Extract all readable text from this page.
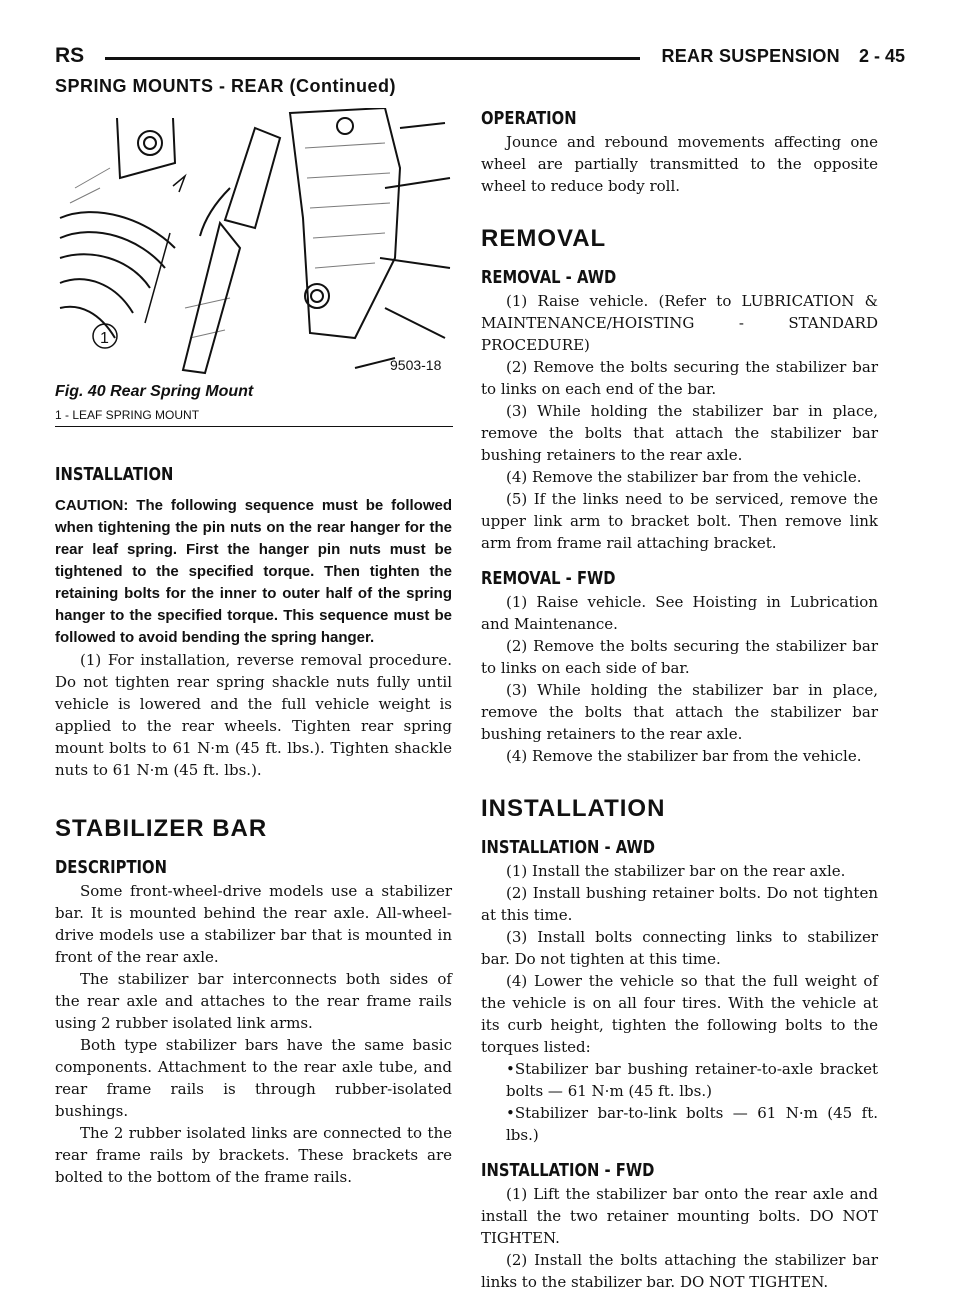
RS	REAR SUSPENSION 2 - 45
SPRING MOUNTS - REAR (Continued)
1
9503-18
Fig. 40 Rear Spring Mount
1 - LEAF SPRING MOUNT
INSTALLATION

CAUTION: The following sequence must be followed when tightening the pin nuts on the rear hanger for the rear leaf spring. First the hanger pin nuts must be tightened to the specified torque. Then tighten the retaining bolts for the inner to outer half of the spring hanger to the specified torque. This sequence must be followed to avoid bending the spring hanger.

(1) For installation, reverse removal procedure. Do not tighten rear spring shackle nuts fully until vehicle is lowered and the full vehicle weight is applied to the rear wheels. Tighten rear spring mount bolts to 61 N·m (45 ft. lbs.). Tighten shackle nuts to 61 N·m (45 ft. lbs.).

STABILIZER BAR
DESCRIPTION

Some front-wheel-drive models use a stabilizer bar. It is mounted behind the rear axle. All-wheel-drive models use a stabilizer bar that is mounted in front of the rear axle.

The stabilizer bar interconnects both sides of the rear axle and attaches to the rear frame rails using 2 rubber isolated link arms.

Both type stabilizer bars have the same basic components. Attachment to the rear axle tube, and rear frame rails is through rubber-isolated bushings.

The 2 rubber isolated links are connected to the rear frame rails by brackets. These brackets are bolted to the bottom of the frame rails.

OPERATION

Jounce and rebound movements affecting one wheel are partially transmitted to the opposite wheel to reduce body roll.

REMOVAL
REMOVAL - AWD

(1) Raise vehicle. (Refer to LUBRICATION & MAINTENANCE/HOISTING - STANDARD PROCEDURE)

(2) Remove the bolts securing the stabilizer bar to links on each end of the bar.

(3) While holding the stabilizer bar in place, remove the bolts that attach the stabilizer bar bushing retainers to the rear axle.

(4) Remove the stabilizer bar from the vehicle.

(5) If the links need to be serviced, remove the upper link arm to bracket bolt. Then remove link arm from frame rail attaching bracket.

REMOVAL - FWD

(1) Raise vehicle. See Hoisting in Lubrication and Maintenance.

(2) Remove the bolts securing the stabilizer bar to links on each side of bar.

(3) While holding the stabilizer bar in place, remove the bolts that attach the stabilizer bar bushing retainers to the rear axle.

(4) Remove the stabilizer bar from the vehicle.

INSTALLATION
INSTALLATION - AWD

(1) Install the stabilizer bar on the rear axle.

(2) Install bushing retainer bolts. Do not tighten at this time.

(3) Install bolts connecting links to stabilizer bar. Do not tighten at this time.

(4) Lower the vehicle so that the full weight of the vehicle is on all four tires. With the vehicle at its curb height, tighten the following bolts to the torques listed:

•Stabilizer bar bushing retainer-to-axle bracket bolts — 61 N·m (45 ft. lbs.)

•Stabilizer bar-to-link bolts — 61 N·m (45 ft. lbs.)

INSTALLATION - FWD

(1) Lift the stabilizer bar onto the rear axle and install the two retainer mounting bolts. DO NOT TIGHTEN.

(2) Install the bolts attaching the stabilizer bar links to the stabilizer bar. DO NOT TIGHTEN.
